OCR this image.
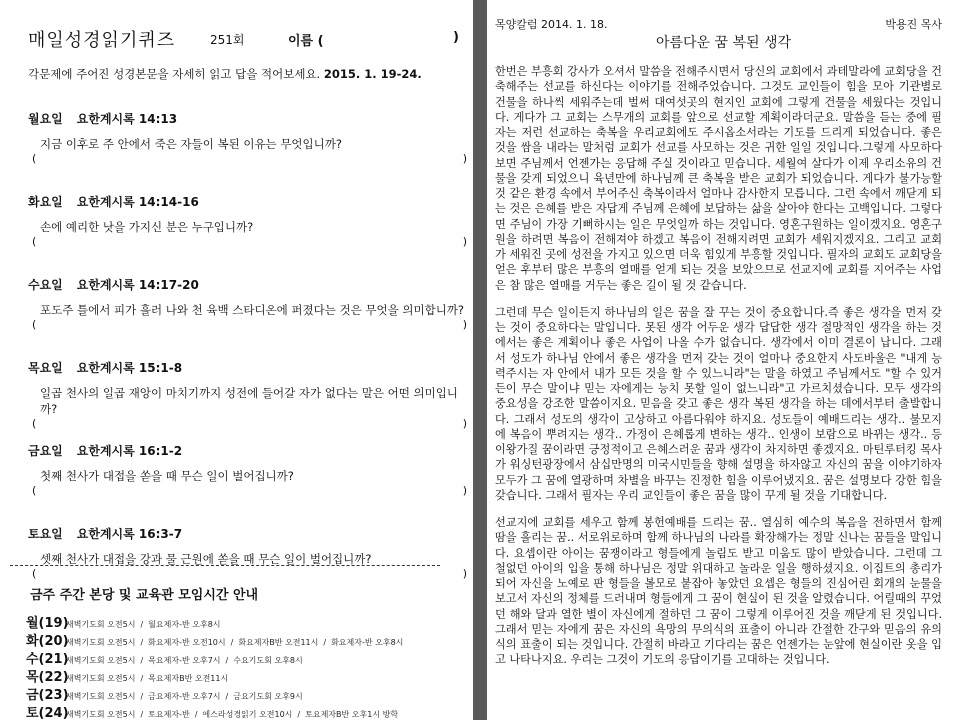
매일성경읽기퀴즈	251회	이름 (	)
각문제에 주어진 성경본문을 자세히 읽고 답을 적어보세요. 2015. 1. 19-24.
월요일 요한계시록 14:13
지금 이후로 주 안에서 죽은 자들이 복된 이유는 무엇입니까?
(	)
화요일 요한계시록 14:14-16
손에 예리한 낫을 가지신 분은 누구입니까?
(	)
수요일 요한계시록 14:17-20
포도주 틀에서 피가 흘러 나와 천 육백 스타디온에 퍼졌다는 것은 무엇을 의미합니까?
(	)
목요일 요한계시록 15:1-8
일곱 천사의 일곱 재앙이 마치기까지 성전에 들어갈 자가 없다는 말은 어떤 의미입니까?
(	)
금요일 요한계시록 16:1-2
첫째 천사가 대접을 쏟을 때 무슨 일이 벌어집니까?
(	)
토요일 요한계시록 16:3-7
셋째 천사가 대접을 강과 물 근원에 쏟을 때 무슨 일이 벌어집니까?
(	)
금주 주간 본당 및 교육관 모임시간 안내
월(19)
새벽기도회 오전5시 / 월요제자-반 오후8시
화(20)
새벽기도회 오전5시 / 화요제자-반 오전10시 / 화요제자B반 오전11시 / 화요제자-반 오후8시
수(21)
새벽기도회 오전5시 / 목요제자-반 오후7시 / 수요기도회 오후8시
목(22)
새벽기도회 오전5시 / 목요제자B반 오전11시
금(23)
새벽기도회 오전5시 / 금요제자-반 오후7시 / 금요기도회 오후9시
토(24)
새벽기도회 오전5시 / 토요제자-반 / 에스라성경읽기 오전10시 / 토요제자B반 오후1시 방학
목양칼럼 2014. 1. 18.	박용진 목사
아름다운 꿈 복된 생각

한번은 부흥회 강사가 오셔서 말씀을 전해주시면서 당신의 교회에서 과테말라에 교회당을 건축해주는 선교를 하신다는 이야기를 전해주었습니다. 그것도 교인들이 힘을 모아 기관별로 건물을 하나씩 세워주는데 벌써 대여섯곳의 현지인 교회에 그렇게 건물을 세웠다는 것입니다. 게다가 그 교회는 스무개의 교회를 앞으로 선교할 계획이라더군요. 말씀을 듣는 중에 필자는 저런 선교하는 축복을 우리교회에도 주시옵소서라는 기도를 드리게 되었습니다. 좋은 것을 쌈을 내라는 말처럼 교회가 선교를 사모하는 것은 귀한 일일 것입니다.그렇게 사모하다보면 주님께서 언젠가는 응답해 주실 것이라고 믿습니다. 세월여 살다가 이제 우리소유의 건물을 갖게 되었으니 육년만에 하나님께 큰 축복을 받은 교회가 되었습니다. 게다가 불가능할 것 같은 환경 속에서 부어주신 축복이라서 얼마나 감사한지 모릅니다. 그런 속에서 깨닫게 되는 것은 은혜를 받은 자답게 주님께 은혜에 보답하는 삶을 살아야 한다는 고백입니다. 그렇다면 주님이 가장 기뻐하시는 일은 무엇일까 하는 것입니다. 영혼구원하는 일이겠지요. 영혼구원을 하려면 복음이 전해져야 하겠고 복음이 전해지려면 교회가 세워지겠지요. 그리고 교회가 세워진 곳에 성전을 가지고 있으면 더욱 힘있게 부흥할 것입니다. 필자의 교회도 교회당을 얻은 후부터 많은 부흥의 열매를 얻게 되는 것을 보았으므로 선교지에 교회를 지어주는 사업은 참 많은 열매를 거두는 좋은 길이 될 것 같습니다.

그런데 무슨 일이든지 하나님의 일은 꿈을 잘 꾸는 것이 중요합니다.즉 좋은 생각을 먼저 갖는 것이 중요하다는 말입니다. 못된 생각 어두운 생각 답답한 생각 절망적인 생각을 하는 것에서는 좋은 계획이나 좋은 사업이 나올 수가 없습니다. 생각에서 이미 결론이 납니다. 그래서 성도가 하나님 안에서 좋은 생각을 먼저 갖는 것이 얼마나 중요한지 사도바울은 "내게 능력주시는 자 안에서 내가 모든 것을 할 수 있느니라"는 말을 하였고 주님께서도 "할 수 있거든이 무슨 말이냐 믿는 자에게는 능치 못할 일이 없느니라"고 가르치셨습니다. 모두 생각의 중요성을 강조한 말씀이지요. 믿음을 갖고 좋은 생각 복된 생각을 하는 데에서부터 출발합니다. 그래서 성도의 생각이 고상하고 아름다워야 하지요. 성도들이 예배드리는 생각.. 불모지에 복음이 뿌려지는 생각.. 가정이 은혜롭게 변하는 생각.. 인생이 보람으로 바뀌는 생각.. 등 이왕가질 꿈이라면 긍정적이고 은혜스러운 꿈과 생각이 차지하면 좋겠지요. 마틴루터킹 목사가 워싱턴광장에서 삼십만명의 미국시민들을 향해 설명을 하자않고 자신의 꿈을 이야기하자 모두가 그 꿈에 열광하며 차별을 바꾸는 진정한 힘을 이루어냈지요. 꿈은 설명보다 강한 힘을 갖습니다. 그래서 필자는 우리 교인들이 좋은 꿈을 많이 꾸게 될 것을 기대합니다.

선교지에 교회를 세우고 함께 봉헌예배를 드리는 꿈.. 열심히 예수의 복음을 전하면서 함께 땀을 흘리는 꿈.. 서로위로하며 함께 하나님의 나라를 확장해가는 정말 신나는 꿈들을 말입니다. 요셉이란 아이는 꿈쟁이라고 형들에게 놀림도 받고 미움도 많이 받았습니다. 그런데 그 철없던 아이의 입을 통해 하나님은 정말 위대하고 놀라운 일을 행하셨지요. 이집트의 총리가 되어 자신을 노예로 판 형들을 볼모로 붙잡아 놓았던 요셉은 형들의 진심어린 회개의 눈물을 보고서 자신의 정체를 드러내며 형들에게 그 꿈이 현실이 된 것을 알렸습니다. 어릴때의 꾸었던 해와 달과 열한 별이 자신에게 절하던 그 꿈이 그렇게 이루어진 것을 깨닫게 된 것입니다. 그래서 믿는 자에게 꿈은 자신의 욕망의 무의식의 표출이 아니라 간절한 간구와 믿음의 유의식의 표출이 되는 것입니다. 간절히 바라고 기다리는 꿈은 언젠가는 눈앞에 현실이란 옷을 입고 나타나지요. 우리는 그것이 기도의 응답이기를 고대하는 것입니다.
